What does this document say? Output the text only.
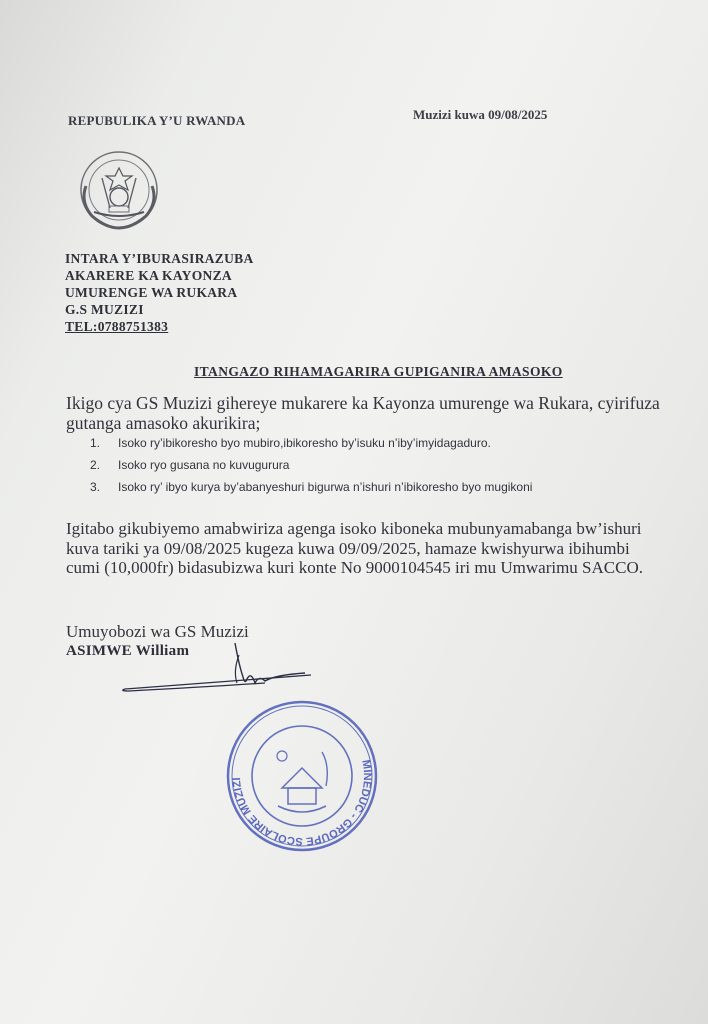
REPUBULIKA Y’U RWANDA	Muzizi kuwa 09/08/2025
INTARA Y’IBURASIRAZUBA
AKARERE KA KAYONZA
UMURENGE WA RUKARA
G.S MUZIZI
TEL:0788751383
ITANGAZO RIHAMAGARIRA GUPIGANIRA AMASOKO
Ikigo cya GS Muzizi gihereye mukarere ka Kayonza umurenge wa Rukara, cyirifuza gutanga amasoko akurikira;
1. Isoko ry’ibikoresho byo mubiro,ibikoresho by’isuku n’iby’imyidagaduro.
2. Isoko ryo gusana no kuvugurura
3. Isoko ry’ ibyo kurya by’abanyeshuri bigurwa n’ishuri n’ibikoresho byo mugikoni
Igitabo gikubiyemo amabwiriza agenga isoko kiboneka mubunyamabanga bw’ishuri kuva tariki ya 09/08/2025 kugeza kuwa 09/09/2025, hamaze kwishyurwa ibihumbi cumi (10,000fr) bidasubizwa kuri konte No 9000104545 iri mu Umwarimu SACCO.
Umuyobozi wa GS Muzizi
ASIMWE William
MINEDUC - GROUPE SCOLAIRE MUZIZI
